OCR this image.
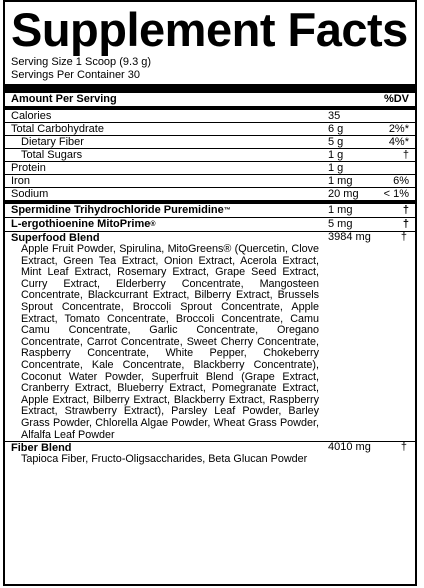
Supplement Facts
Serving Size 1 Scoop (9.3 g)
Servings Per Container 30
Amount Per Serving	%DV
Calories	35
Total Carbohydrate	6 g	2%*
Dietary Fiber	5 g	4%*
Total Sugars	1 g	†
Protein	1 g
Iron	1 mg	6%
Sodium	20 mg < 1%
Spermidine Trihydrochloride Puremidine™	1 mg	†
L-ergothioenine MitoPrime®	5 mg	†
Superfood Blend	3984 mg	†
Apple Fruit Powder, Spirulina, MitoGreens® (Quercetin, Clove Extract, Green Tea Extract, Onion Extract, Acerola Extract, Mint Leaf Extract, Rosemary Extract, Grape Seed Extract, Curry Extract, Elderberry Concentrate, Mangosteen Concentrate, Blackcurrant Extract, Bilberry Extract, Brussels Sprout Concentrate, Broccoli Sprout Concentrate, Apple Extract, Tomato Concentrate, Broccoli Concentrate, Camu Camu Concentrate, Garlic Concentrate, Oregano Concentrate, Carrot Concentrate, Sweet Cherry Concentrate, Raspberry Concentrate, White Pepper, Chokeberry Concentrate, Kale Concentrate, Blackberry Concentrate), Coconut Water Powder, Superfruit Blend (Grape Extract, Cranberry Extract, Blueberry Extract, Pomegranate Extract, Apple Extract, Bilberry Extract, Blackberry Extract, Raspberry Extract, Strawberry Extract), Parsley Leaf Powder, Barley Grass Powder, Chlorella Algae Powder, Wheat Grass Powder, Alfalfa Leaf Powder
Fiber Blend	4010 mg	†
Tapioca Fiber, Fructo-Oligsaccharides, Beta Glucan Powder
